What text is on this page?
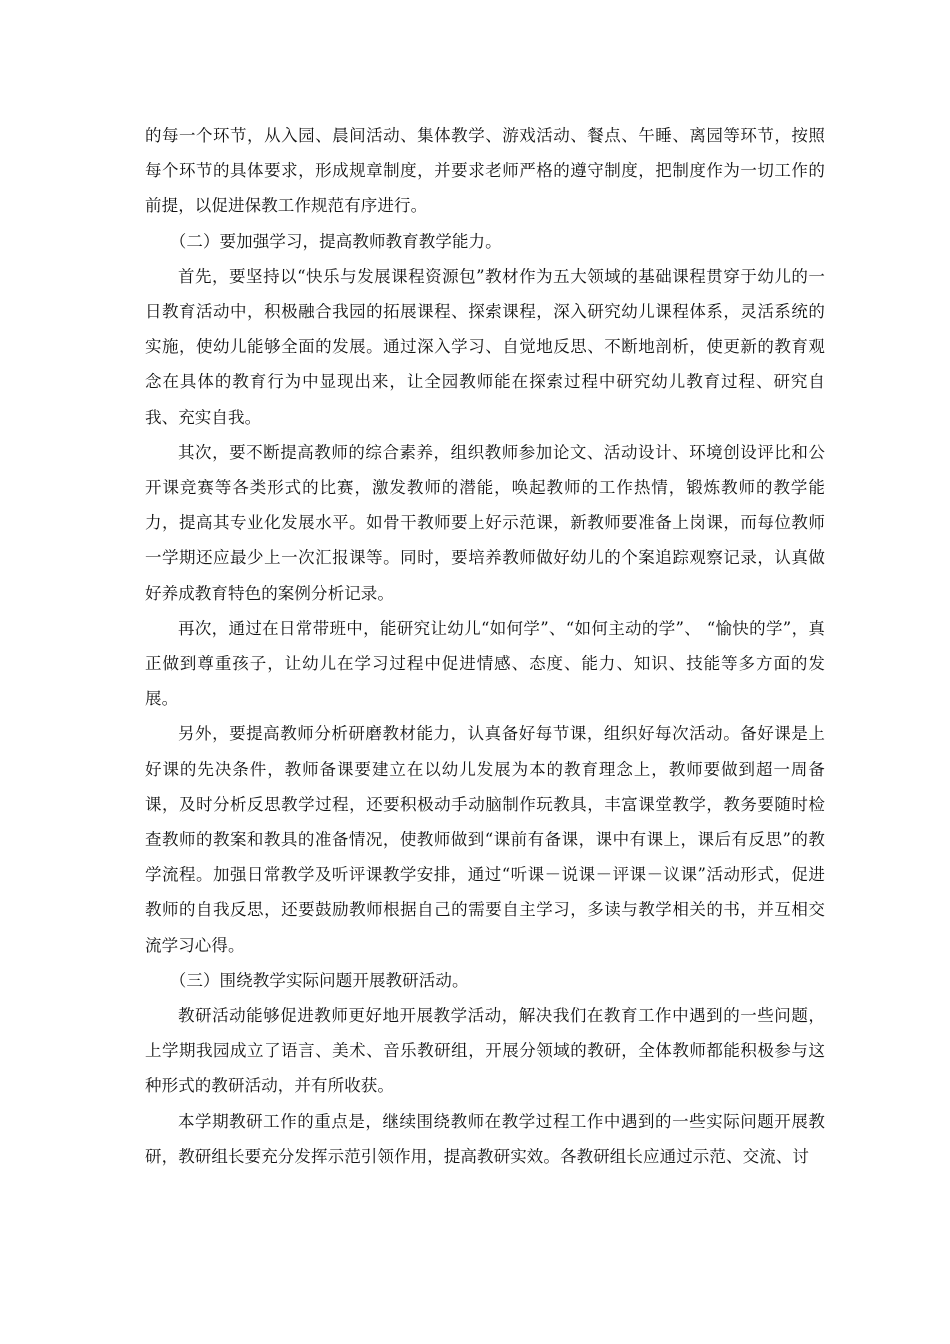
的每一个环节，从入园、晨间活动、集体教学、游戏活动、餐点、午睡、离园等环节，按照每个环节的具体要求，形成规章制度，并要求老师严格的遵守制度，把制度作为一切工作的前提，以促进保教工作规范有序进行。

（二）要加强学习，提高教师教育教学能力。

首先，要坚持以“快乐与发展课程资源包”教材作为五大领域的基础课程贯穿于幼儿的一日教育活动中，积极融合我园的拓展课程、探索课程，深入研究幼儿课程体系，灵活系统的实施，使幼儿能够全面的发展。通过深入学习、自觉地反思、不断地剖析，使更新的教育观念在具体的教育行为中显现出来，让全园教师能在探索过程中研究幼儿教育过程、研究自我、充实自我。

其次，要不断提高教师的综合素养，组织教师参加论文、活动设计、环境创设评比和公开课竞赛等各类形式的比赛，激发教师的潜能，唤起教师的工作热情，锻炼教师的教学能力，提高其专业化发展水平。如骨干教师要上好示范课，新教师要准备上岗课，而每位教师一学期还应最少上一次汇报课等。同时，要培养教师做好幼儿的个案追踪观察记录，认真做好养成教育特色的案例分析记录。

再次，通过在日常带班中，能研究让幼儿“如何学”、“如何主动的学”、 “愉快的学”，真正做到尊重孩子，让幼儿在学习过程中促进情感、态度、能力、知识、技能等多方面的发展。

另外，要提高教师分析研磨教材能力，认真备好每节课，组织好每次活动。备好课是上好课的先决条件，教师备课要建立在以幼儿发展为本的教育理念上，教师要做到超一周备课，及时分析反思教学过程，还要积极动手动脑制作玩教具，丰富课堂教学，教务要随时检查教师的教案和教具的准备情况，使教师做到“课前有备课，课中有课上，课后有反思”的教学流程。加强日常教学及听评课教学安排，通过“听课－说课－评课－议课”活动形式，促进教师的自我反思，还要鼓励教师根据自己的需要自主学习，多读与教学相关的书，并互相交流学习心得。

（三）围绕教学实际问题开展教研活动。

教研活动能够促进教师更好地开展教学活动，解决我们在教育工作中遇到的一些问题，上学期我园成立了语言、美术、音乐教研组，开展分领域的教研，全体教师都能积极参与这种形式的教研活动，并有所收获。

本学期教研工作的重点是，继续围绕教师在教学过程工作中遇到的一些实际问题开展教研，教研组长要充分发挥示范引领作用，提高教研实效。各教研组长应通过示范、交流、讨
